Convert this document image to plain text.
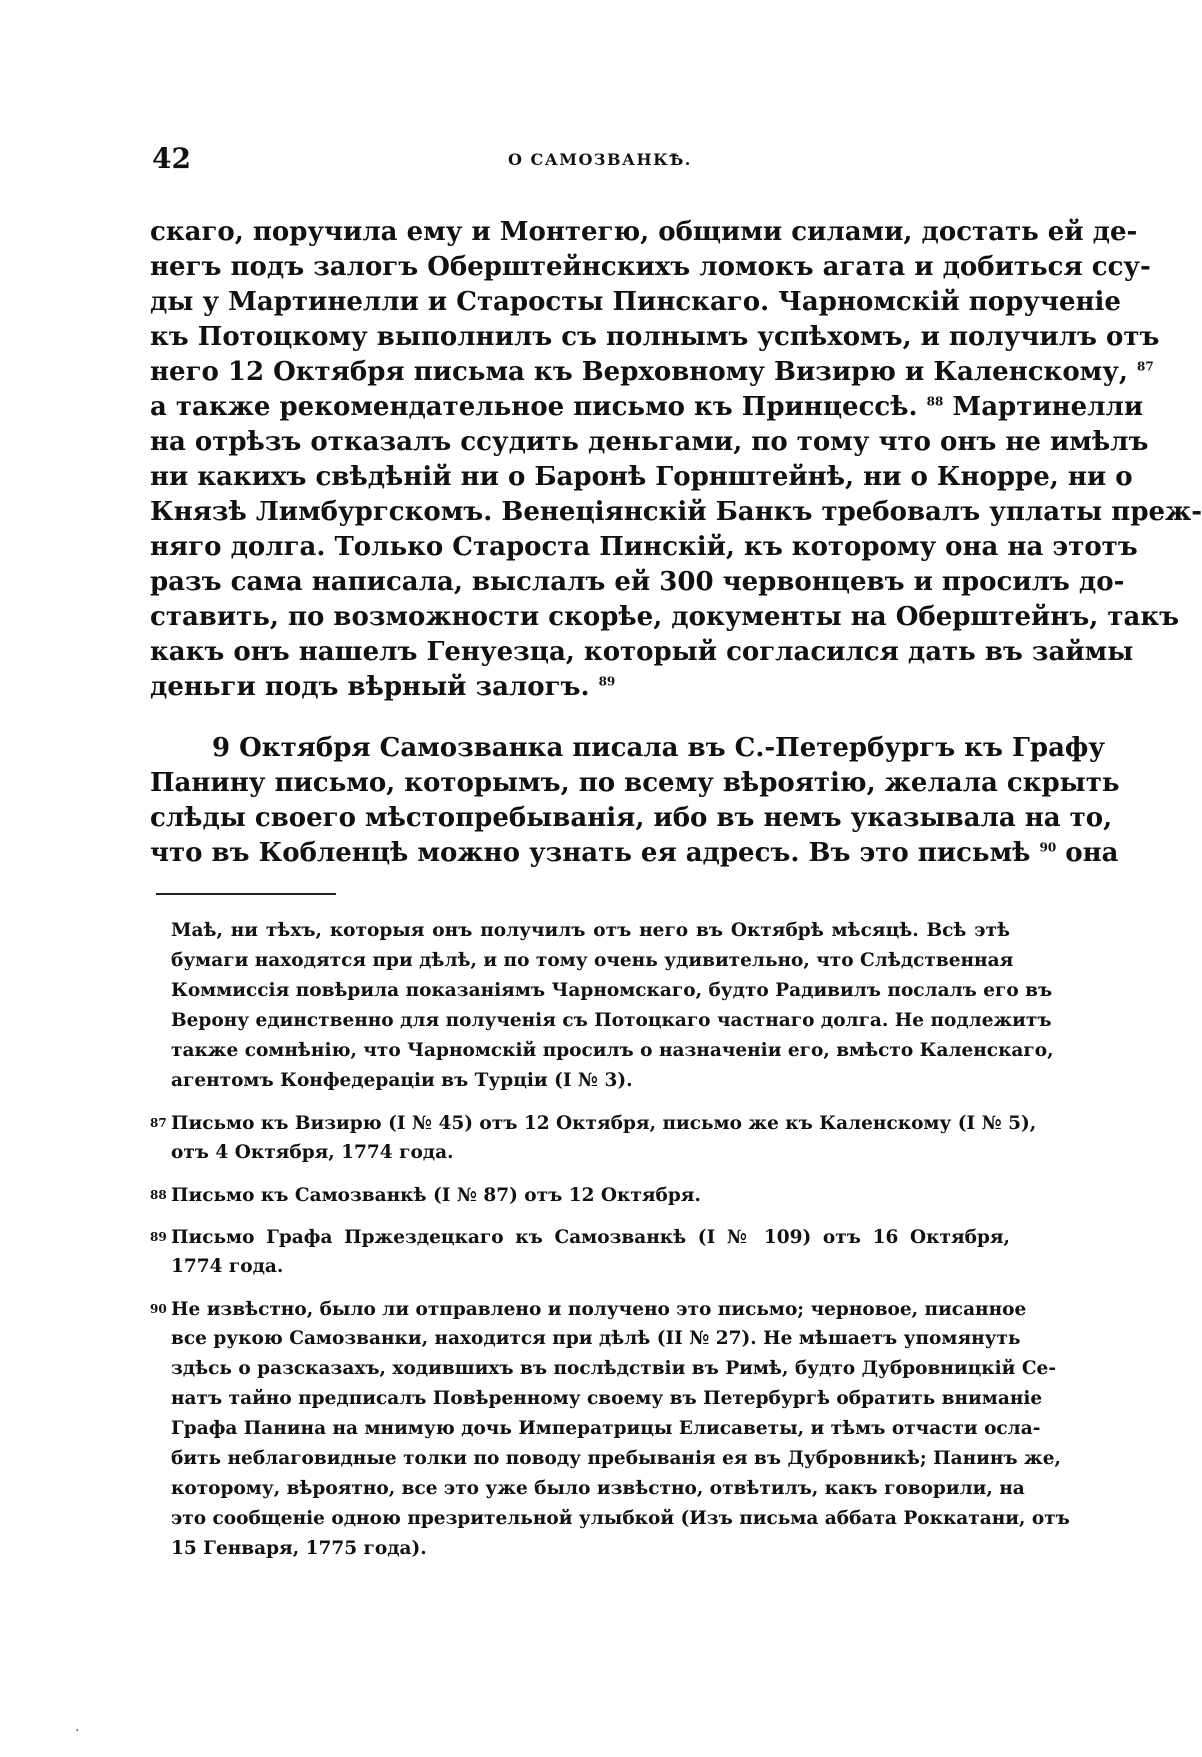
42	О САМОЗВАНКѢ.
скаго, поручила ему и Монтегю, общими силами, достать ей де-
негъ подъ залогъ Оберштейнскихъ ломокъ агата и добиться ссу-
ды у Мартинелли и Старосты Пинскаго. Чарномскій порученіе
къ Потоцкому выполнилъ съ полнымъ успѣхомъ, и получилъ отъ
него 12 Октября письма къ Верховному Визирю и Каленскому, $^{87}$
а также рекомендательное письмо къ Принцессѣ. $^{88}$ Мартинелли
на отрѣзъ отказалъ ссудить деньгами, по тому что онъ не имѣлъ
ни какихъ свѣдѣній ни о Баронѣ Горнштейнѣ, ни о Кнорре, ни о
Князѣ Лимбургскомъ. Венеціянскій Банкъ требовалъ уплаты преж-
няго долга. Только Староста Пинскій, къ которому она на этотъ
разъ сама написала, выслалъ ей 300 червонцевъ и просилъ до-
ставить, по возможности скорѣе, документы на Оберштейнъ, такъ
какъ онъ нашелъ Генуезца, который согласился дать въ займы
деньги подъ вѣрный залогъ. $^{89}$
9 Октября Самозванка писала въ С.-Петербургъ къ Графу
Панину письмо, которымъ, по всему вѣроятію, желала скрыть
слѣды своего мѣстопребыванія, ибо въ немъ указывала на то,
что въ Кобленцѣ можно узнать ея адресъ. Въ это письмѣ $^{90}$ она
Маѣ, ни тѣхъ, которыя онъ получилъ отъ него въ Октябрѣ мѣсяцѣ. Всѣ этѣ
бумаги находятся при дѣлѣ, и по тому очень удивительно, что Слѣдственная
Коммиссія повѣрила показаніямъ Чарномскаго, будто Радивилъ послалъ его въ
Верону единственно для полученія съ Потоцкаго частнаго долга. Не подлежитъ
также сомнѣнію, что Чарномскій просилъ о назначеніи его, вмѣсто Каленскаго,
агентомъ Конфедераціи въ Турціи (I № 3).
87 Письмо къ Визирю (I № 45) отъ 12 Октября, письмо же къ Каленскому (I № 5),
отъ 4 Октября, 1774 года.
88 Письмо къ Самозванкѣ (I № 87) отъ 12 Октября.
89 Письмо Графа Пржездецкаго къ Самозванкѣ (I № 109) отъ 16 Октября,
1774 года.
90 Не извѣстно, было ли отправлено и получено это письмо; черновое, писанное
все рукою Самозванки, находится при дѣлѣ (II № 27). Не мѣшаетъ упомянуть
здѣсь о разсказахъ, ходившихъ въ послѣдствіи въ Римѣ, будто Дубровницкій Се-
натъ тайно предписалъ Повѣренному своему въ Петербургѣ обратить вниманіе
Графа Панина на мнимую дочь Императрицы Елисаветы, и тѣмъ отчасти осла-
бить неблаговидные толки по поводу пребыванія ея въ Дубровникѣ; Панинъ же,
которому, вѣроятно, все это уже было извѣстно, отвѣтилъ, какъ говорили, на
это сообщеніе одною презрительной улыбкой (Изъ письма аббата Роккатани, отъ
15 Генваря, 1775 года).
·
